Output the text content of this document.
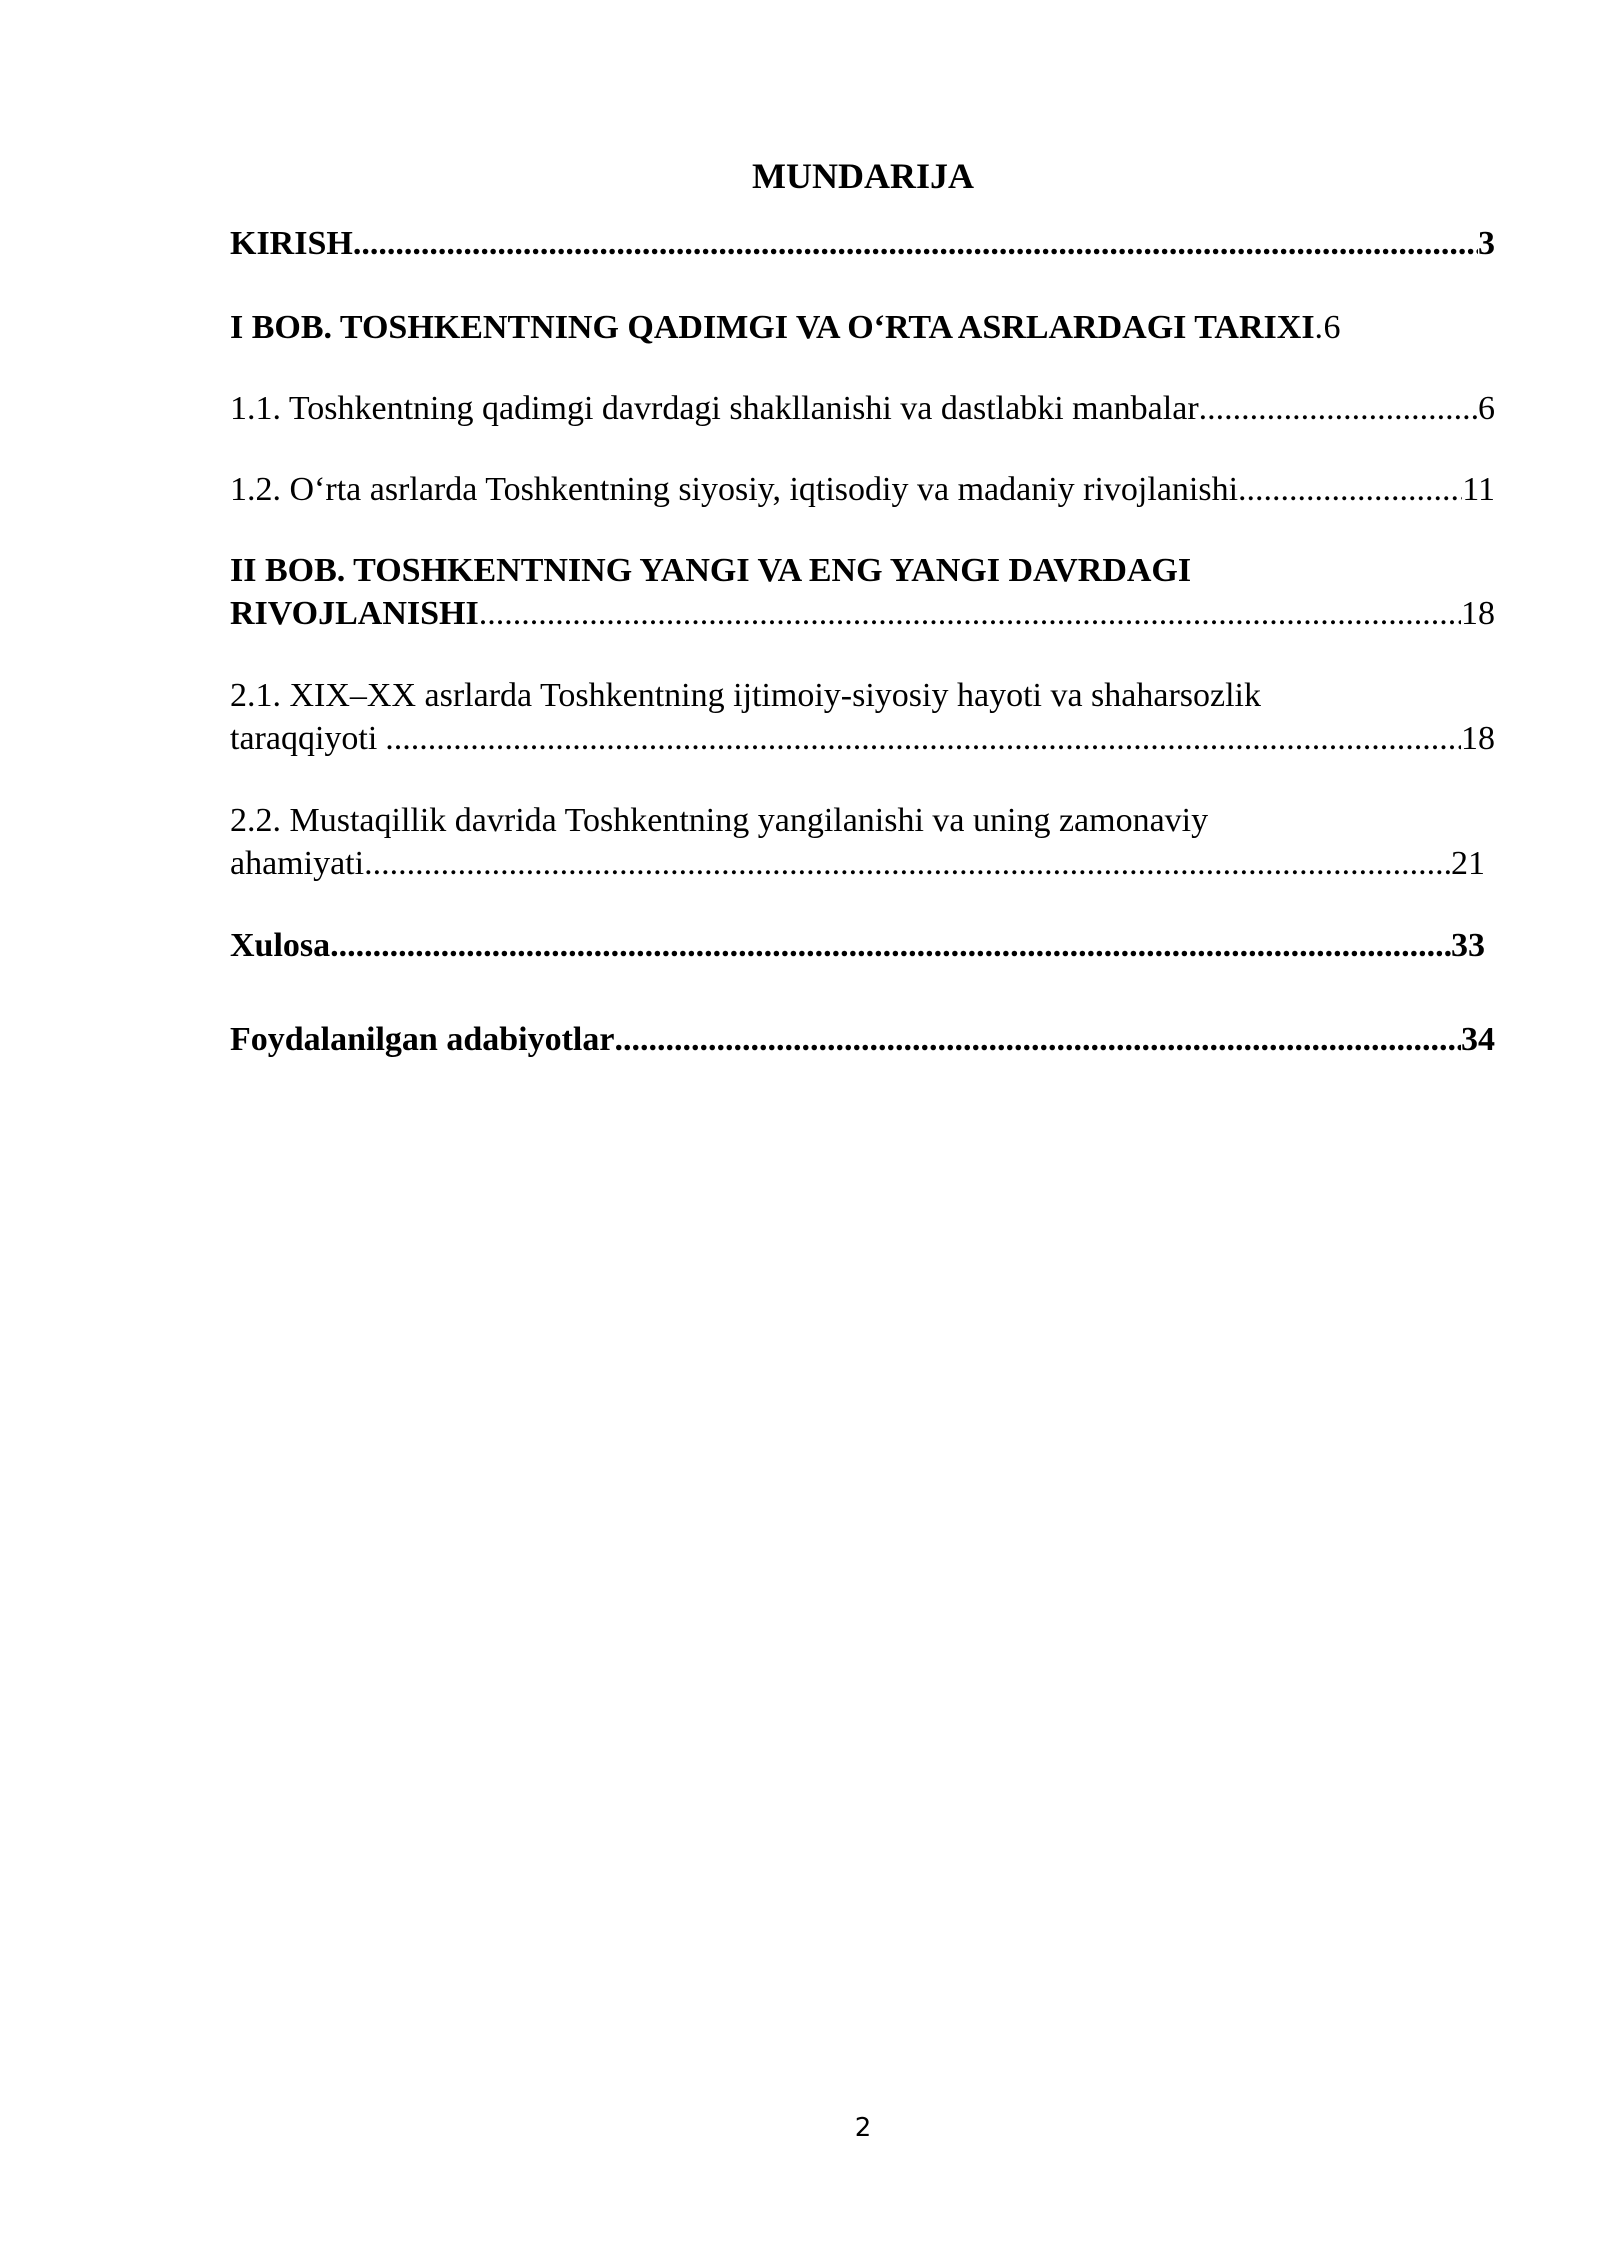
MUNDARIJA
KIRISH .....	3
I BOB. TOSHKENTNING QADIMGI VA O‘RTA ASRLARDAGI TARIXI ..... 6
1.1. Toshkentning qadimgi davrdagi shakllanishi va dastlabki manbalar .....	6
1.2. O‘rta asrlarda Toshkentning siyosiy, iqtisodiy va madaniy rivojlanishi .....	11
II BOB. TOSHKENTNING YANGI VA ENG YANGI DAVRDAGI
RIVOJLANISHI .....	18
2.1. XIX–XX asrlarda Toshkentning ijtimoiy-siyosiy hayoti va shaharsozlik
taraqqiyoti .....	18
2.2. Mustaqillik davrida Toshkentning yangilanishi va uning zamonaviy
ahamiyati .....	21
Xulosa .....	33
Foydalanilgan adabiyotlar .....	34
2
